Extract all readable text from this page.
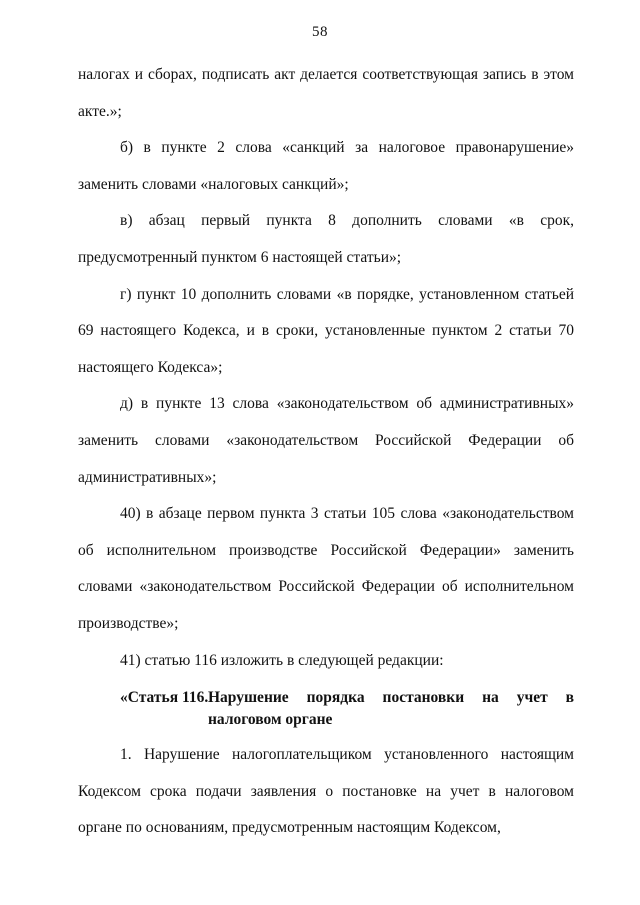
58

налогах и сборах, подписать акт делается соответствующая запись в этом акте.»;

б) в пункте 2 слова «санкций за налоговое правонарушение» заменить словами «налоговых санкций»;

в) абзац первый пункта 8 дополнить словами «в срок, предусмотренный пунктом 6 настоящей статьи»;

г) пункт 10 дополнить словами «в порядке, установленном статьей 69 настоящего Кодекса, и в сроки, установленные пунктом 2 статьи 70 настоящего Кодекса»;

д) в пункте 13 слова «законодательством об административных» заменить словами «законодательством Российской Федерации об административных»;

40) в абзаце первом пункта 3 статьи 105 слова «законодательством об исполнительном производстве Российской Федерации» заменить словами «законодательством Российской Федерации об исполнительном производстве»;

41) статью 116 изложить в следующей редакции:

«Статья 116. Нарушение порядка постановки на учет в налоговом органе

1. Нарушение налогоплательщиком установленного настоящим Кодексом срока подачи заявления о постановке на учет в налоговом органе по основаниям, предусмотренным настоящим Кодексом,
